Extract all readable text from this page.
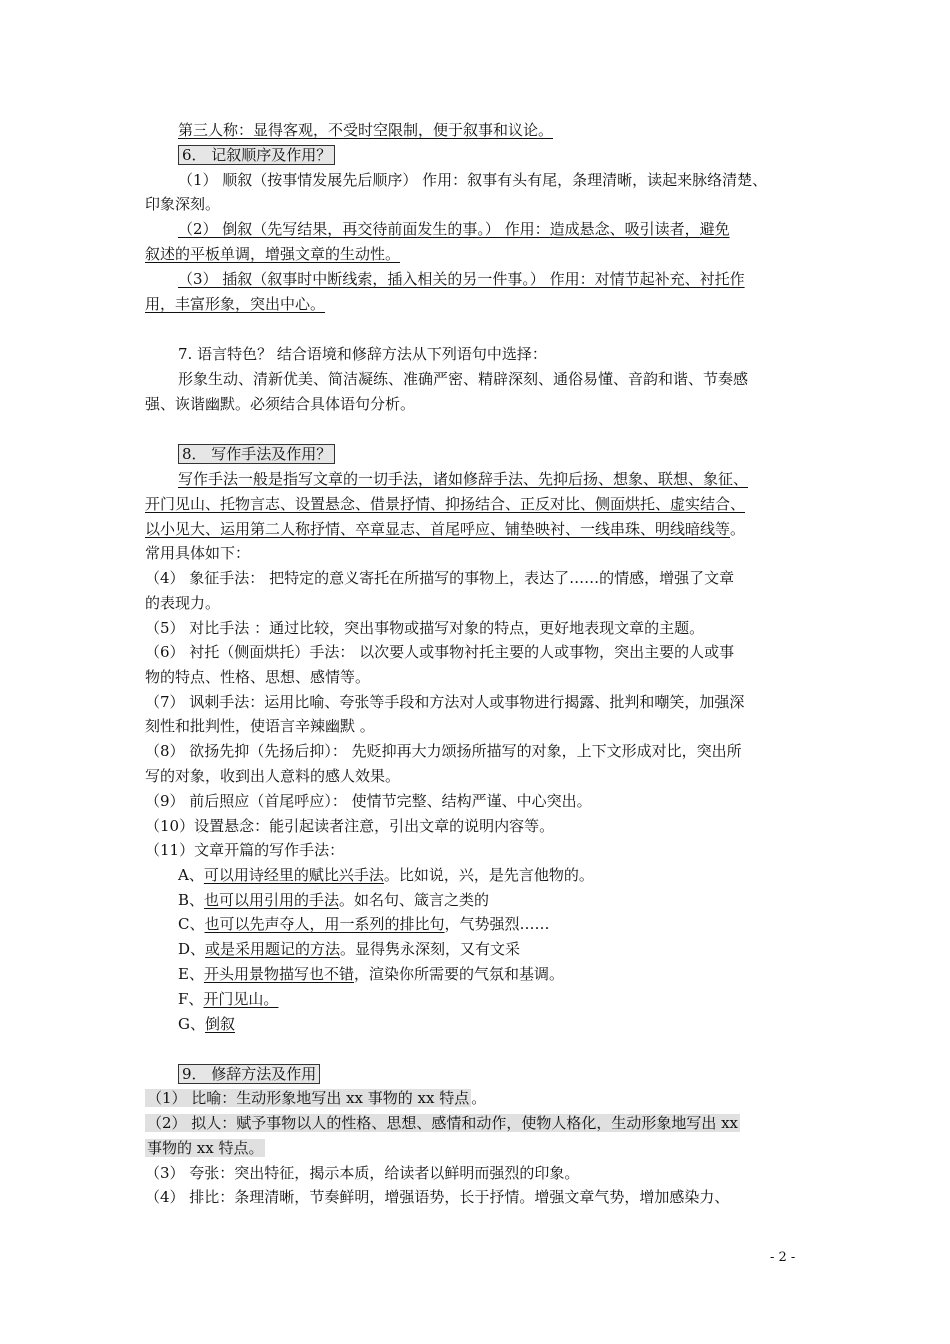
第三人称：显得客观，不受时空限制，便于叙事和议论。
6． 记叙顺序及作用？
（1） 顺叙（按事情发展先后顺序） 作用：叙事有头有尾，条理清晰，读起来脉络清楚、
印象深刻。
（2） 倒叙（先写结果，再交待前面发生的事。） 作用：造成悬念、吸引读者，避免
叙述的平板单调，增强文章的生动性。
（3） 插叙（叙事时中断线索，插入相关的另一件事。） 作用：对情节起补充、衬托作
用，丰富形象，突出中心。
7. 语言特色？ 结合语境和修辞方法从下列语句中选择：
形象生动、清新优美、简洁凝练、准确严密、精辟深刻、通俗易懂、音韵和谐、节奏感
强、诙谐幽默。必须结合具体语句分析。
8． 写作手法及作用？
写作手法一般是指写文章的一切手法，诸如修辞手法、先抑后扬、想象、联想、象征、
开门见山、托物言志、设置悬念、借景抒情、抑扬结合、正反对比、侧面烘托、虚实结合、
以小见大、运用第二人称抒情、卒章显志、首尾呼应、铺垫映衬、一线串珠、明线暗线等。
常用具体如下：
（4） 象征手法： 把特定的意义寄托在所描写的事物上，表达了……的情感，增强了文章
的表现力。
（5） 对比手法 ：通过比较，突出事物或描写对象的特点，更好地表现文章的主题。
（6） 衬托（侧面烘托）手法： 以次要人或事物衬托主要的人或事物，突出主要的人或事
物的特点、性格、思想、感情等。
（7） 讽刺手法：运用比喻、夸张等手段和方法对人或事物进行揭露、批判和嘲笑，加强深
刻性和批判性，使语言辛辣幽默 。
（8） 欲扬先抑（先扬后抑）： 先贬抑再大力颂扬所描写的对象，上下文形成对比，突出所
写的对象，收到出人意料的感人效果。
（9） 前后照应（首尾呼应）： 使情节完整、结构严谨、中心突出。
（10）设置悬念：能引起读者注意，引出文章的说明内容等。
（11）文章开篇的写作手法：
A、可以用诗经里的赋比兴手法。比如说，兴，是先言他物的。
B、也可以用引用的手法。如名句、箴言之类的
C、也可以先声夺人，用一系列的排比句，气势强烈……
D、或是采用题记的方法。显得隽永深刻，又有文采
E、开头用景物描写也不错，渲染你所需要的气氛和基调。
F、开门见山。
G、倒叙
9． 修辞方法及作用
（1） 比喻：生动形象地写出 xx 事物的 xx 特点 。
（2） 拟人：赋予事物以人的性格、思想、感情和动作，使物人格化，生动形象地写出 xx
事物的 xx 特点。
（3） 夸张：突出特征，揭示本质，给读者以鲜明而强烈的印象。
（4） 排比：条理清晰，节奏鲜明，增强语势，长于抒情。增强文章气势，增加感染力、
- 2 -
